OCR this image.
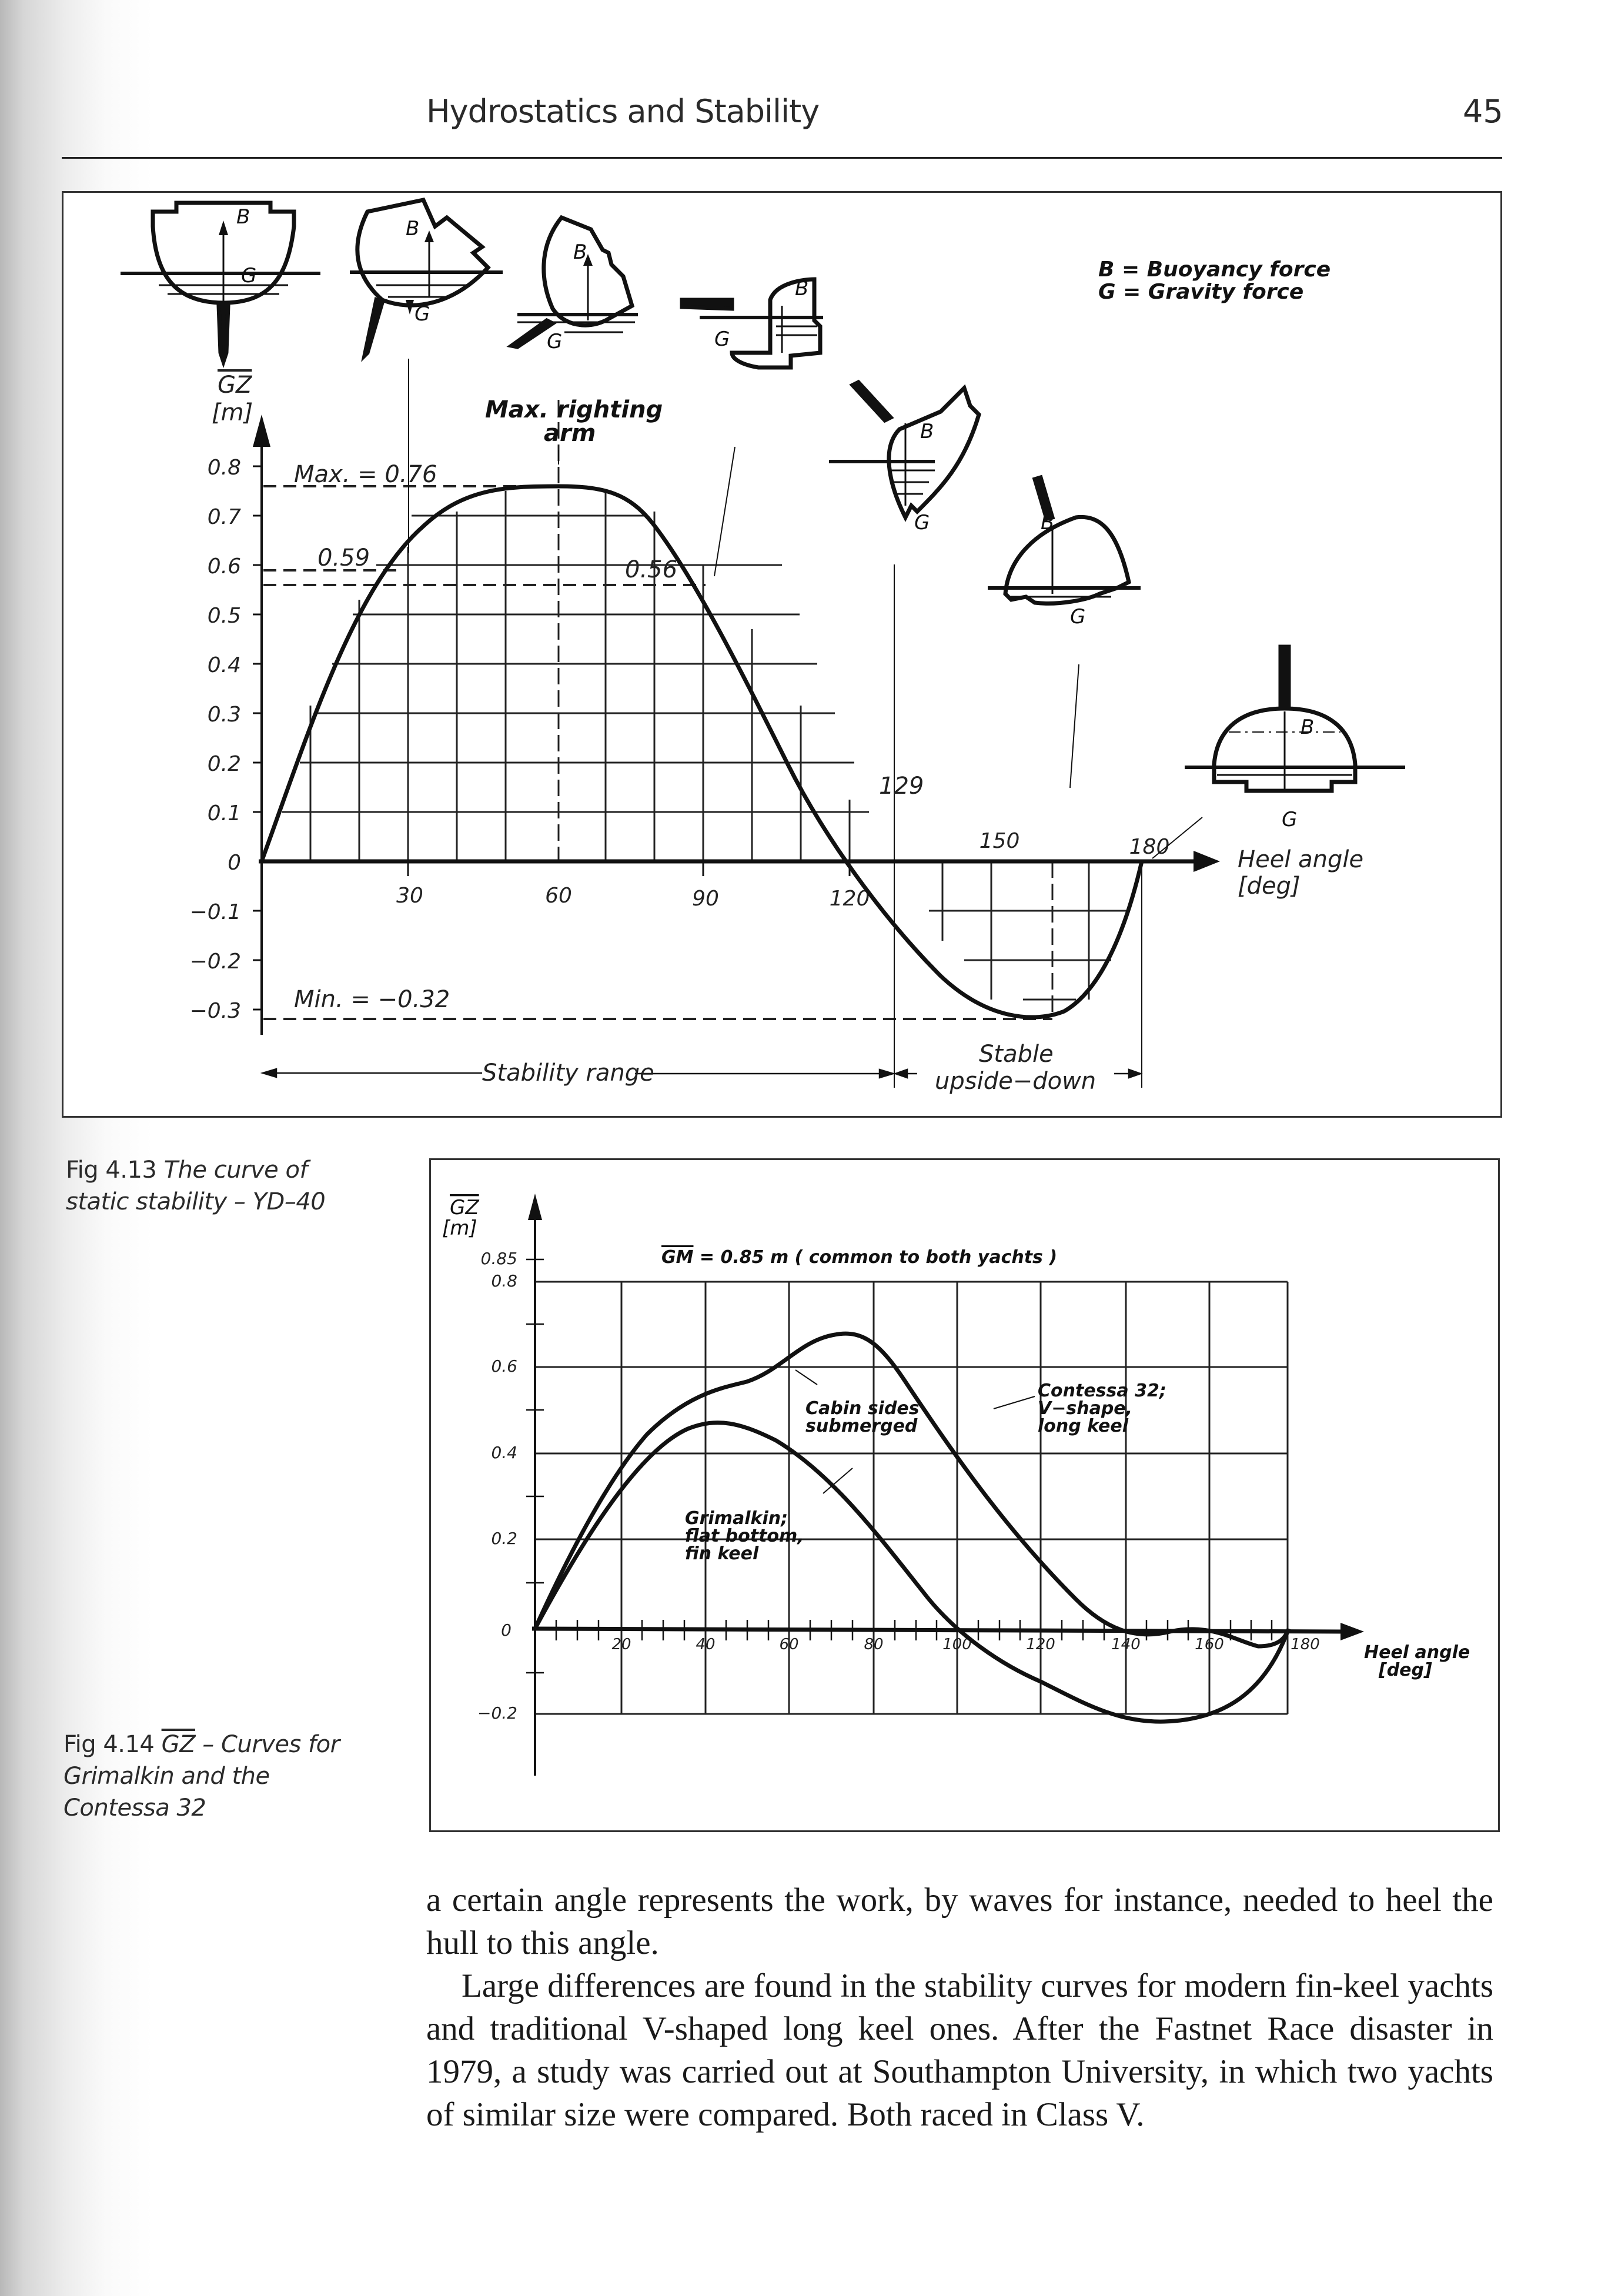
Hydrostatics and Stability	45
0.8
0.7
0.6
0.5
0.4
0.3
0.2
0.1
0
−0.1
−0.2
−0.3
30	60	90	120
150	180
Max. = 0.76
0.59	0.56
Min. = −0.32
129
Stability range
Stable
upside−down
Heel angle
[deg]
GZ
[m]	Max. righting
arm
B = Buoyancy force
G = Gravity force
B
G
B
G
B
G
B
G
B
G	B
G
B
G
Fig 4.13 The curve of
static stability – YD–40
0.85
0.8
0.6
0.4
0.2
0
−0.2
20	40	60	80	100	120	140	160	180
GM = 0.85 m ( common to both yachts )
Cabin sides
submerged
Contessa 32;
V−shape,
long keel
Grimalkin;
flat bottom,
fin keel
Heel angle
[deg]
GZ
[m]
Fig 4.14 $\overline{GZ}$ – Curves for
Grimalkin and the
Contessa 32

a certain angle represents the work, by waves for instance, needed to heel the hull to this angle.

Large differences are found in the stability curves for modern fin-keel yachts and traditional V-shaped long keel ones. After the Fastnet Race disaster in 1979, a study was carried out at Southampton University, in which two yachts of similar size were compared. Both raced in Class V.
